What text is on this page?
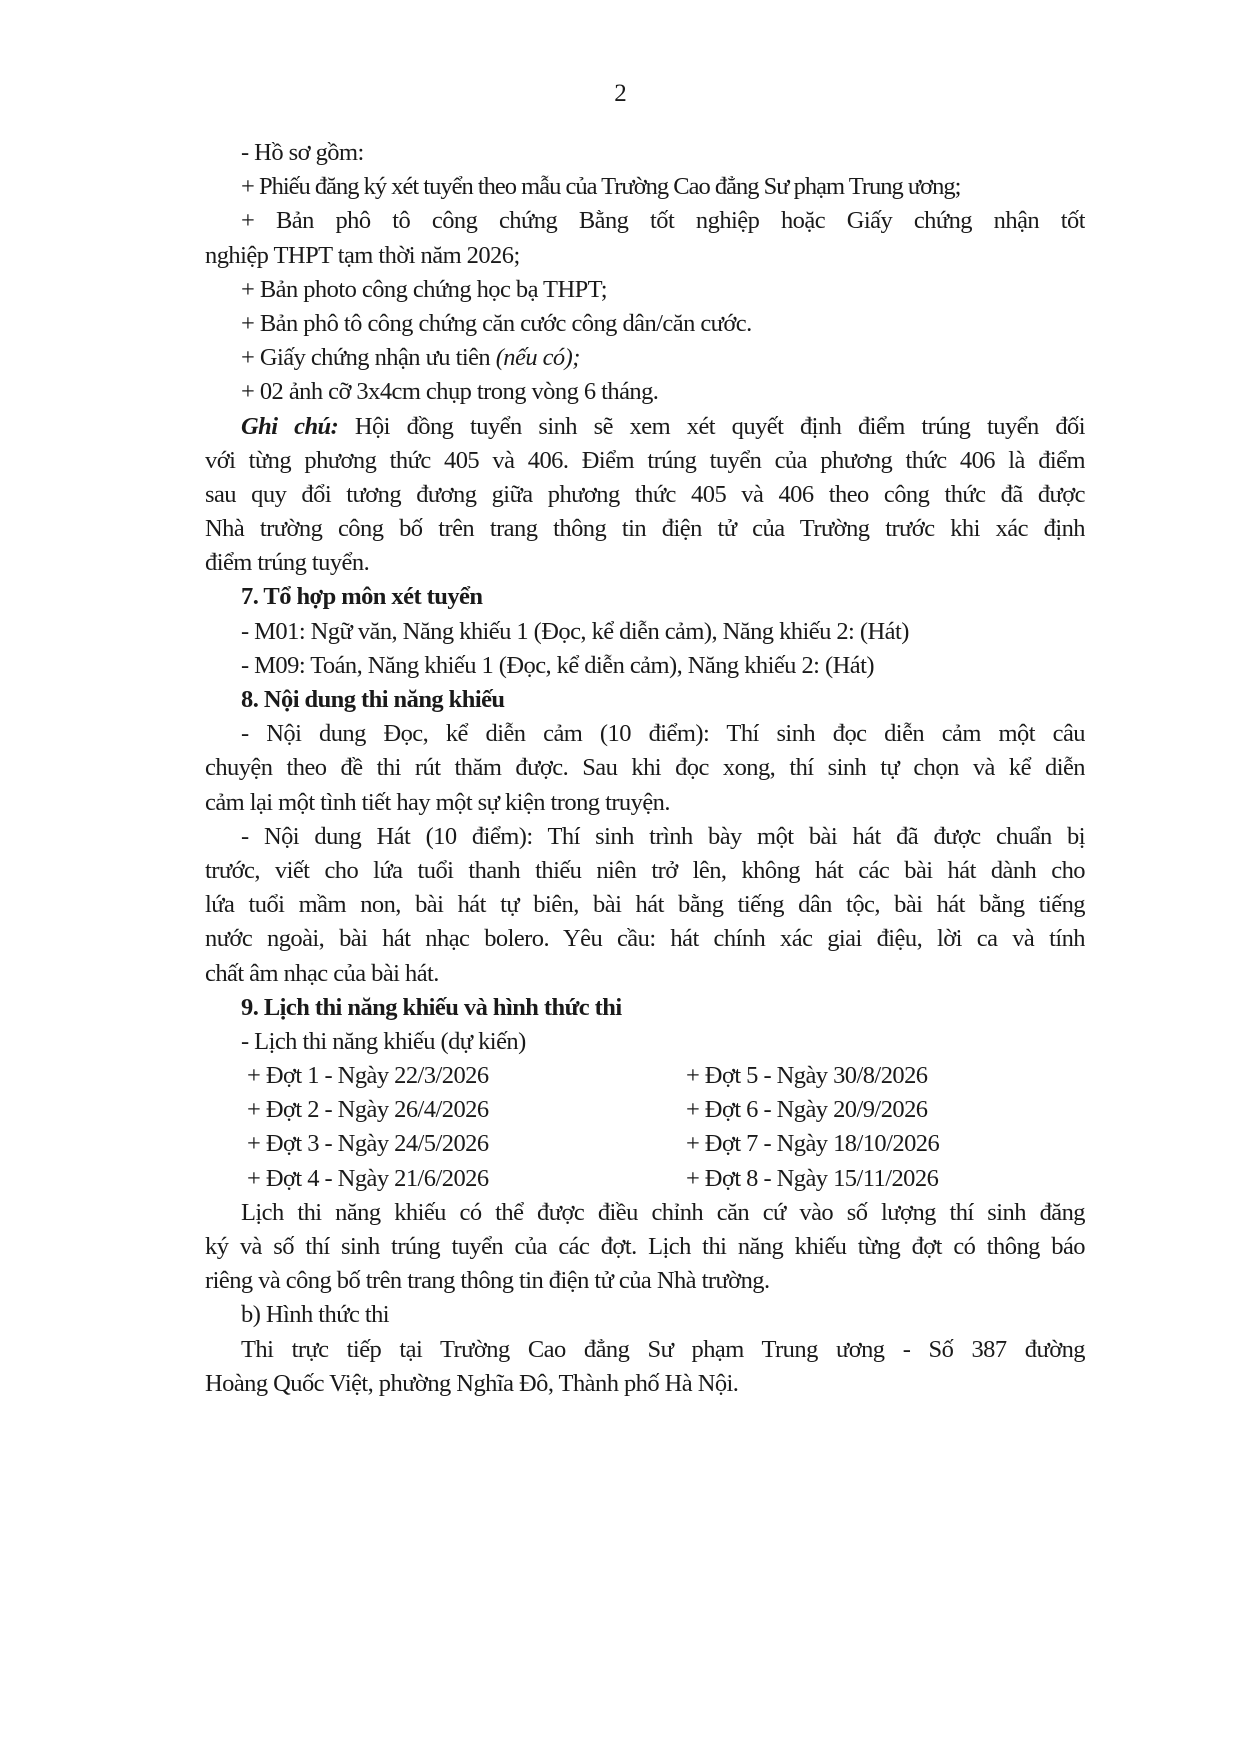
2
- Hồ sơ gồm:
+ Phiếu đăng ký xét tuyển theo mẫu của Trường Cao đẳng Sư phạm Trung ương;
+ Bản phô tô công chứng Bằng tốt nghiệp hoặc Giấy chứng nhận tốt
nghiệp THPT tạm thời năm 2026;
+ Bản photo công chứng học bạ THPT;
+ Bản phô tô công chứng căn cước công dân/căn cước.
+ Giấy chứng nhận ưu tiên (nếu có);
+ 02 ảnh cỡ 3x4cm chụp trong vòng 6 tháng.
Ghi chú: Hội đồng tuyển sinh sẽ xem xét quyết định điểm trúng tuyển đối
với từng phương thức 405 và 406. Điểm trúng tuyển của phương thức 406 là điểm
sau quy đổi tương đương giữa phương thức 405 và 406 theo công thức đã được
Nhà trường công bố trên trang thông tin điện tử của Trường trước khi xác định
điểm trúng tuyển.
7. Tổ hợp môn xét tuyển
- M01: Ngữ văn, Năng khiếu 1 (Đọc, kể diễn cảm), Năng khiếu 2: (Hát)
- M09: Toán, Năng khiếu 1 (Đọc, kể diễn cảm), Năng khiếu 2: (Hát)
8. Nội dung thi năng khiếu
- Nội dung Đọc, kể diễn cảm (10 điểm): Thí sinh đọc diễn cảm một câu
chuyện theo đề thi rút thăm được. Sau khi đọc xong, thí sinh tự chọn và kể diễn
cảm lại một tình tiết hay một sự kiện trong truyện.
- Nội dung Hát (10 điểm): Thí sinh trình bày một bài hát đã được chuẩn bị
trước, viết cho lứa tuổi thanh thiếu niên trở lên, không hát các bài hát dành cho
lứa tuổi mầm non, bài hát tự biên, bài hát bằng tiếng dân tộc, bài hát bằng tiếng
nước ngoài, bài hát nhạc bolero. Yêu cầu: hát chính xác giai điệu, lời ca và tính
chất âm nhạc của bài hát.
9. Lịch thi năng khiếu và hình thức thi
- Lịch thi năng khiếu (dự kiến)
+ Đợt 1 - Ngày 22/3/2026	+ Đợt 5 - Ngày 30/8/2026
+ Đợt 2 - Ngày 26/4/2026	+ Đợt 6 - Ngày 20/9/2026
+ Đợt 3 - Ngày 24/5/2026	+ Đợt 7 - Ngày 18/10/2026
+ Đợt 4 - Ngày 21/6/2026	+ Đợt 8 - Ngày 15/11/2026
Lịch thi năng khiếu có thể được điều chỉnh căn cứ vào số lượng thí sinh đăng
ký và số thí sinh trúng tuyển của các đợt. Lịch thi năng khiếu từng đợt có thông báo
riêng và công bố trên trang thông tin điện tử của Nhà trường.
b) Hình thức thi
Thi trực tiếp tại Trường Cao đẳng Sư phạm Trung ương - Số 387 đường
Hoàng Quốc Việt, phường Nghĩa Đô, Thành phố Hà Nội.
